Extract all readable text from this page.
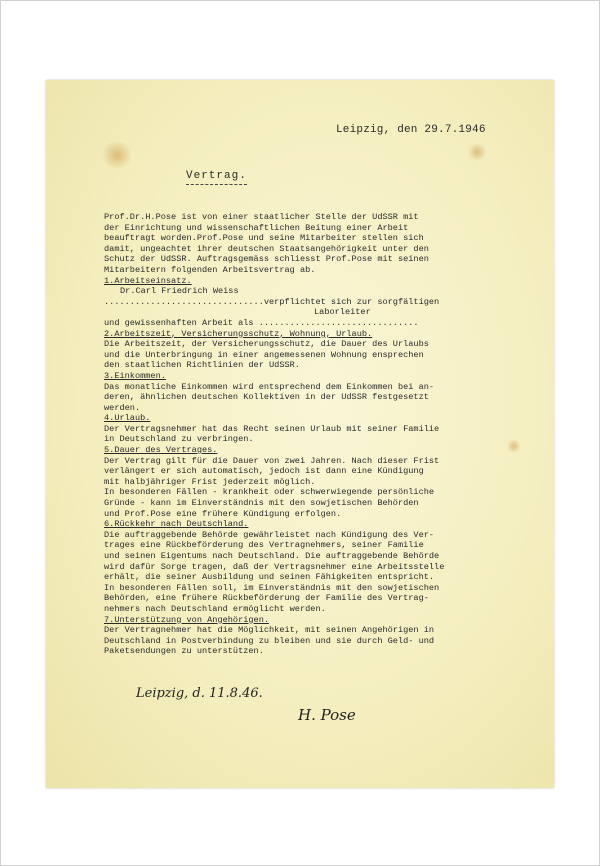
Leipzig, den 29.7.1946
Vertrag.
Prof.Dr.H.Pose ist von einer staatlicher Stelle der UdSSR mit
der Einrichtung und wissenschaftlichen Beitung einer Arbeit
beauftragt worden.Prof.Pose und seine Mitarbeiter stellen sich
damit, ungeachtet ihrer deutschen Staatsangehörigkeit unter den
Schutz der UdSSR. Auftragsgemäss schliesst Prof.Pose mit seinen
Mitarbeitern folgenden Arbeitsvertrag ab.
1.Arbeitseinsatz.
Dr.Carl Friedrich Weiss
...............................verpflichtet sich zur sorgfältigen
Laborleiter
und gewissenhaften Arbeit als ...............................
2.Arbeitszeit, Versicherungsschutz, Wohnung, Urlaub.
Die Arbeitszeit, der Versicherungsschutz, die Dauer des Urlaubs
und die Unterbringung in einer angemessenen Wohnung ensprechen
den staatlichen Richtlinien der UdSSR.
3.Einkommen.
Das monatliche Einkommen wird entsprechend dem Einkommen bei an-
deren, ähnlichen deutschen Kollektiven in der UdSSR festgesetzt
werden.
4.Urlaub.
Der Vertragsnehmer hat das Recht seinen Urlaub mit seiner Familie
in Deutschland zu verbringen.
5.Dauer des Vertrages.
Der Vertrag gilt für die Dauer von zwei Jahren. Nach dieser Frist
verlängert er sich automatisch, jedoch ist dann eine Kündigung
mit halbjähriger Frist jederzeit möglich.
In besonderen Fällen - krankheit oder schwerwiegende persönliche
Gründe - kann im Einverständnis mit den sowjetischen Behörden
und Prof.Pose eine frühere Kündigung erfolgen.
6.Rückkehr nach Deutschland.
Die auftraggebende Behörde gewährleistet nach Kündigung des Ver-
trages eine Rückbeförderung des Vertragnehmers, seiner Familie
und seinen Eigentums nach Deutschland. Die auftraggebende Behörde
wird dafür Sorge tragen, daß der Vertragsnehmer eine Arbeitsstelle
erhält, die seiner Ausbildung und seinen Fähigkeiten entspricht.
In besonderen Fällen soll, im Einverständnis mit den sowjetischen
Behörden, eine frühere Rückbeförderung der Familie des Vertrag-
nehmers nach Deutschland ermöglicht werden.
7.Unterstützung von Angehörigen.
Der Vertragnehmer hat die Möglichkeit, mit seinen Angehörigen in
Deutschland in Postverbindung zu bleiben und sie durch Geld- und
Paketsendungen zu unterstützen.
Leipzig, d. 11.8.46.
H. Pose
